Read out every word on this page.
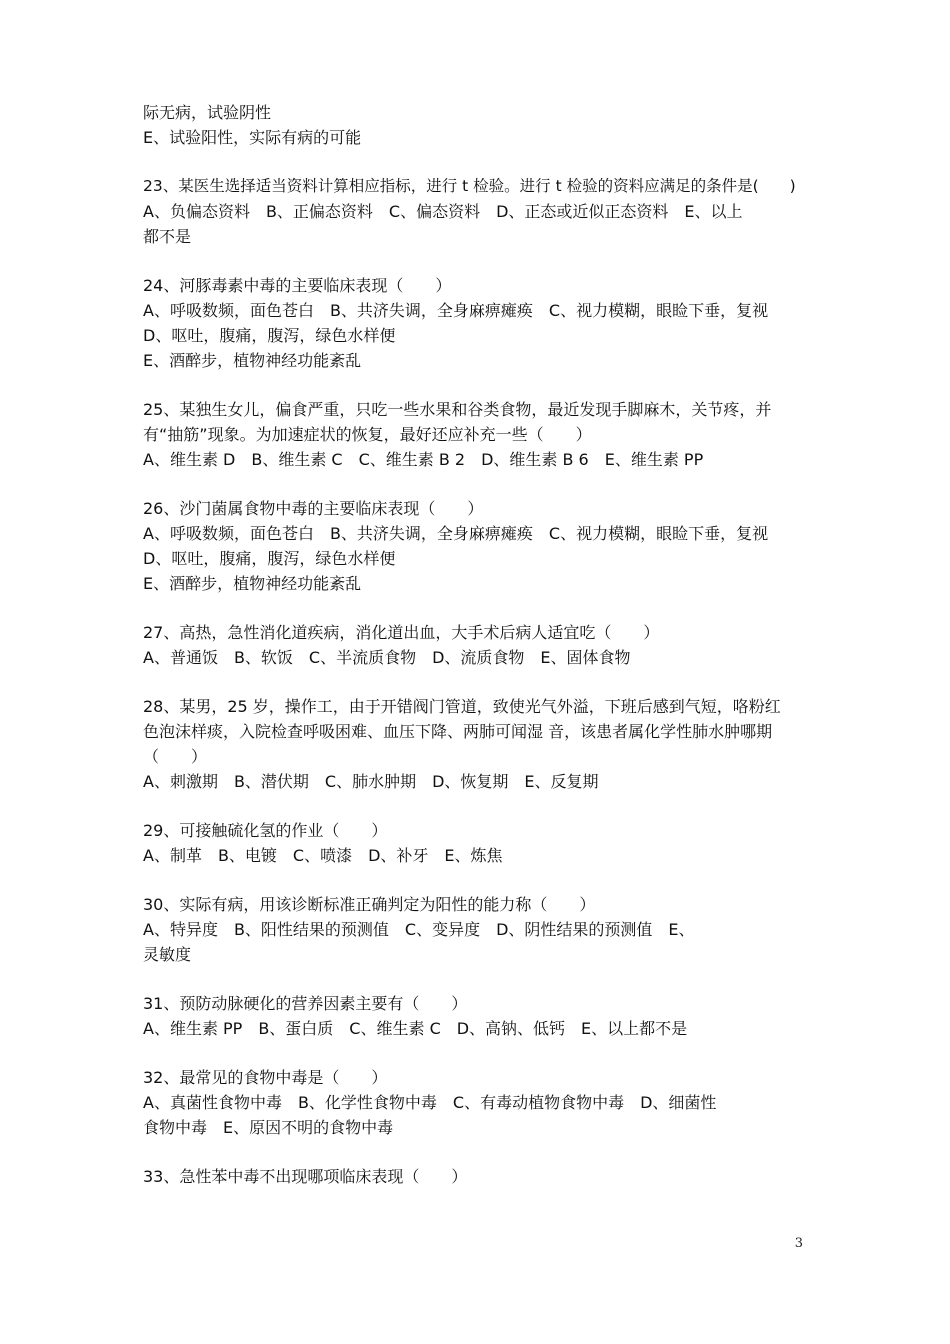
际无病，试验阴性
E、试验阳性，实际有病的可能
23、某医生选择适当资料计算相应指标，进行 t 检验。进行 t 检验的资料应满足的条件是(　　)
A、负偏态资料　B、正偏态资料　C、偏态资料　D、正态或近似正态资料　E、以上
都不是
24、河豚毒素中毒的主要临床表现（　　）
A、呼吸数频，面色苍白　B、共济失调，全身麻痹瘫痪　C、视力模糊，眼睑下垂，复视
D、呕吐，腹痛，腹泻，绿色水样便
E、酒醉步，植物神经功能紊乱
25、某独生女儿，偏食严重，只吃一些水果和谷类食物，最近发现手脚麻木，关节疼，并
有“抽筋”现象。为加速症状的恢复，最好还应补充一些（　　）
A、维生素 D　B、维生素 C　C、维生素 B 2　D、维生素 B 6　E、维生素 PP
26、沙门菌属食物中毒的主要临床表现（　　）
A、呼吸数频，面色苍白　B、共济失调，全身麻痹瘫痪　C、视力模糊，眼睑下垂，复视
D、呕吐，腹痛，腹泻，绿色水样便
E、酒醉步，植物神经功能紊乱
27、高热，急性消化道疾病，消化道出血，大手术后病人适宜吃（　　）
A、普通饭　B、软饭　C、半流质食物　D、流质食物　E、固体食物
28、某男，25 岁，操作工，由于开错阀门管道，致使光气外溢，下班后感到气短，咯粉红
色泡沫样痰，入院检查呼吸困难、血压下降、两肺可闻湿 音，该患者属化学性肺水肿哪期
（　　）
A、刺激期　B、潜伏期　C、肺水肿期　D、恢复期　E、反复期
29、可接触硫化氢的作业（　　）
A、制革　B、电镀　C、喷漆　D、补牙　E、炼焦
30、实际有病，用该诊断标准正确判定为阳性的能力称（　　）
A、特异度　B、阳性结果的预测值　C、变异度　D、阴性结果的预测值　E、
灵敏度
31、预防动脉硬化的营养因素主要有（　　）
A、维生素 PP　B、蛋白质　C、维生素 C　D、高钠、低钙　E、以上都不是
32、最常见的食物中毒是（　　）
A、真菌性食物中毒　B、化学性食物中毒　C、有毒动植物食物中毒　D、细菌性
食物中毒　E、原因不明的食物中毒
33、急性苯中毒不出现哪项临床表现（　　）
3
